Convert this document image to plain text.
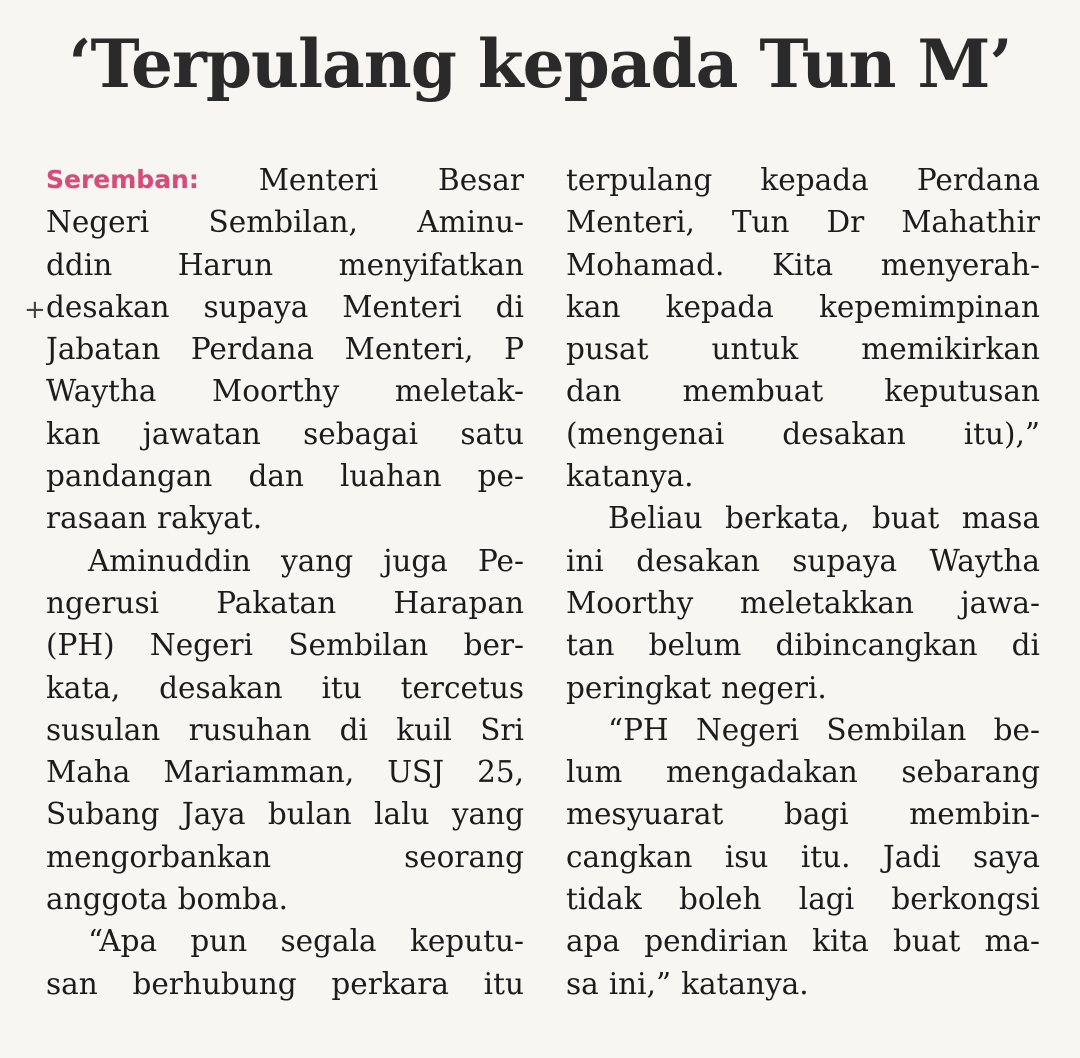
‘Terpulang kepada Tun M’
Seremban: Menteri Besar
Negeri Sembilan, Aminu-
ddin Harun menyifatkan
desakan supaya Menteri di
Jabatan Perdana Menteri, P
Waytha Moorthy meletak-
kan jawatan sebagai satu
pandangan dan luahan pe-
rasaan rakyat.
Aminuddin yang juga Pe-
ngerusi Pakatan Harapan
(PH) Negeri Sembilan ber-
kata, desakan itu tercetus
susulan rusuhan di kuil Sri
Maha Mariamman, USJ 25,
Subang Jaya bulan lalu yang
mengorbankan	seorang
anggota bomba.
“Apa pun segala keputu-
san berhubung perkara itu
terpulang kepada Perdana
Menteri, Tun Dr Mahathir
Mohamad. Kita menyerah-
kan kepada kepemimpinan
pusat untuk memikirkan
dan membuat keputusan
(mengenai desakan itu),”
katanya.
Beliau berkata, buat masa
ini desakan supaya Waytha
Moorthy meletakkan jawa-
tan belum dibincangkan di
peringkat negeri.
“PH Negeri Sembilan be-
lum mengadakan sebarang
mesyuarat bagi membin-
cangkan isu itu. Jadi saya
tidak boleh lagi berkongsi
apa pendirian kita buat ma-
sa ini,” katanya.
+
